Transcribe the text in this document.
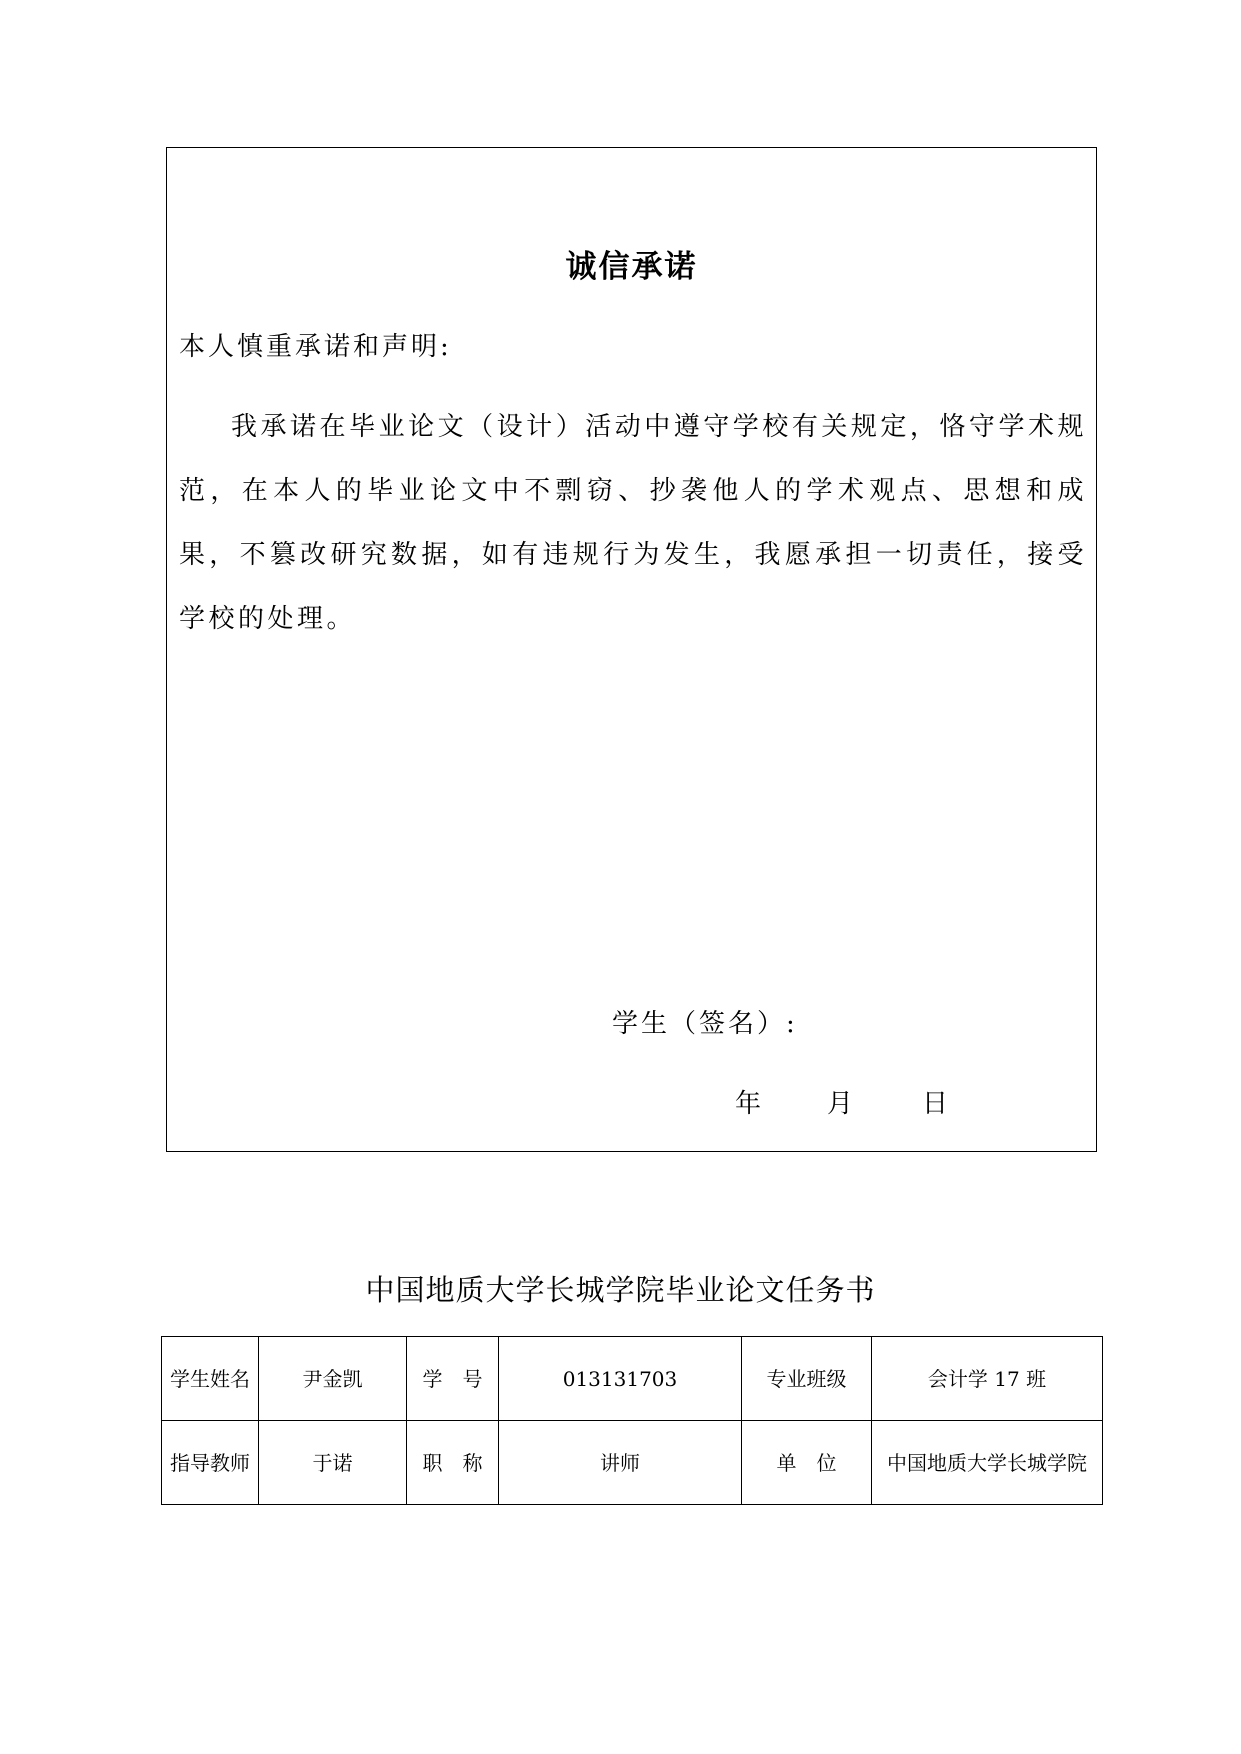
诚信承诺
本人慎重承诺和声明:

我承诺在毕业论文（设计）活动中遵守学校有关规定，恪守学术规范，在本人的毕业论文中不剽窃、抄袭他人的学术观点、思想和成果，不篡改研究数据，如有违规行为发生，我愿承担一切责任，接受学校的处理。

学生（签名）:
年	月	日
中国地质大学长城学院毕业论文任务书
学生姓名	尹金凯	学　号	013131703	专业班级	会计学 17 班
指导教师	于诺	职　称	讲师	单　位	中国地质大学长城学院
